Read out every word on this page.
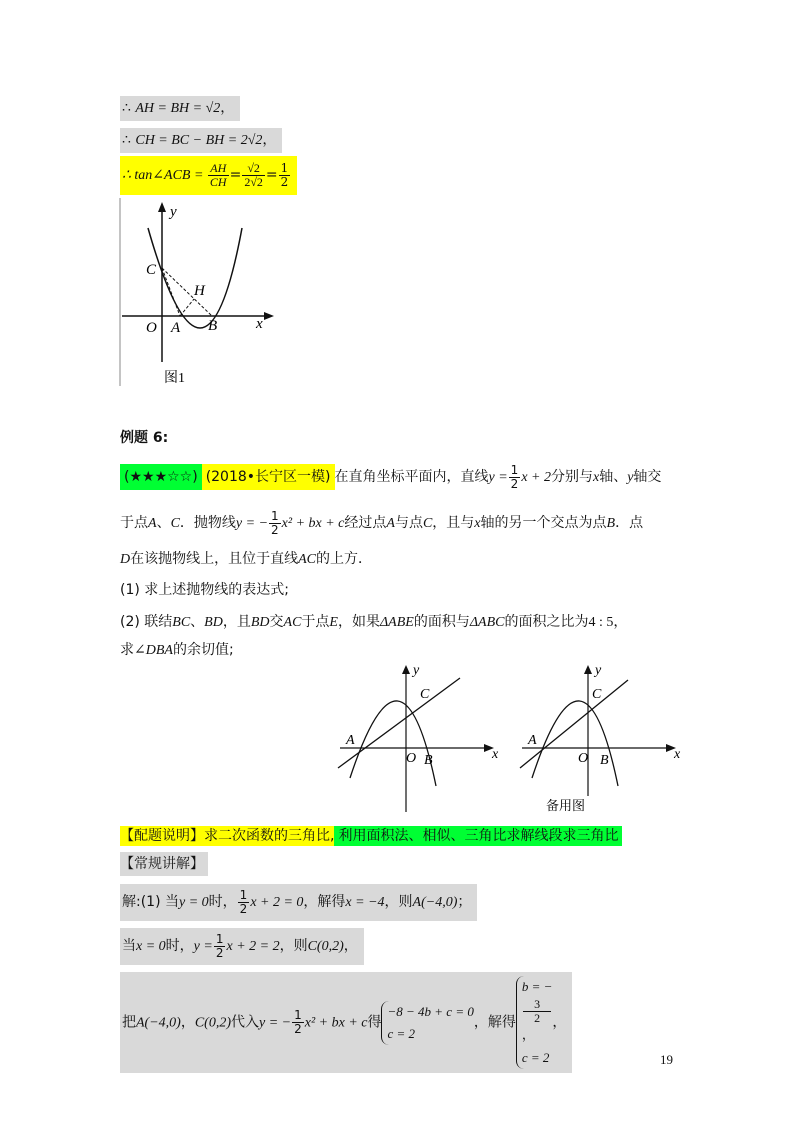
∴ AH = BH = √2，
∴ CH = BC − BH = 2√2，
∴ tan∠ACB = $\frac{AH}{CH} = \frac{√2}{2√2} = \frac{1}{2}$
y
x
O A B
C
H
图1
例题 6:
(★★★☆☆) (2018•长宁区一模) 在直角坐标平面内，直线$y = \frac{1}{2}$ x + 2分别与x轴、y轴交
于点A、C．抛物线y = − $\frac{1}{2} x^2$ + bx + c经过点A与点C，且与x轴的另一个交点为点B．点
D在该抛物线上，且位于直线AC的上方．
(1) 求上述抛物线的表达式;
(2) 联结BC、BD，且BD交AC于点E，如果ΔABE的面积与ΔABC的面积之比为4 : 5，
求∠DBA的余切值;
y
x
O
A
B
C
y
x
O
A
B
C
备用图
【配题说明】求二次函数的三角比, 利用面积法、相似、三角比求解线段求三角比
【常规讲解】
解:(1) 当y = 0时， $\frac{1}{2}$ x + 2 = 0，解得x = −4，则A(−4,0)；
当x = 0时，$y = \frac{1}{2}$ x + 2 = 2，则C(0,2)，
把A(−4,0)，C(0,2)代入y = − $\frac{1}{2} x^2$ + bx + c得
−8 − 4b + c = 0
c = 2
，解得
b = −
3
2
，
c = 2
，
19
